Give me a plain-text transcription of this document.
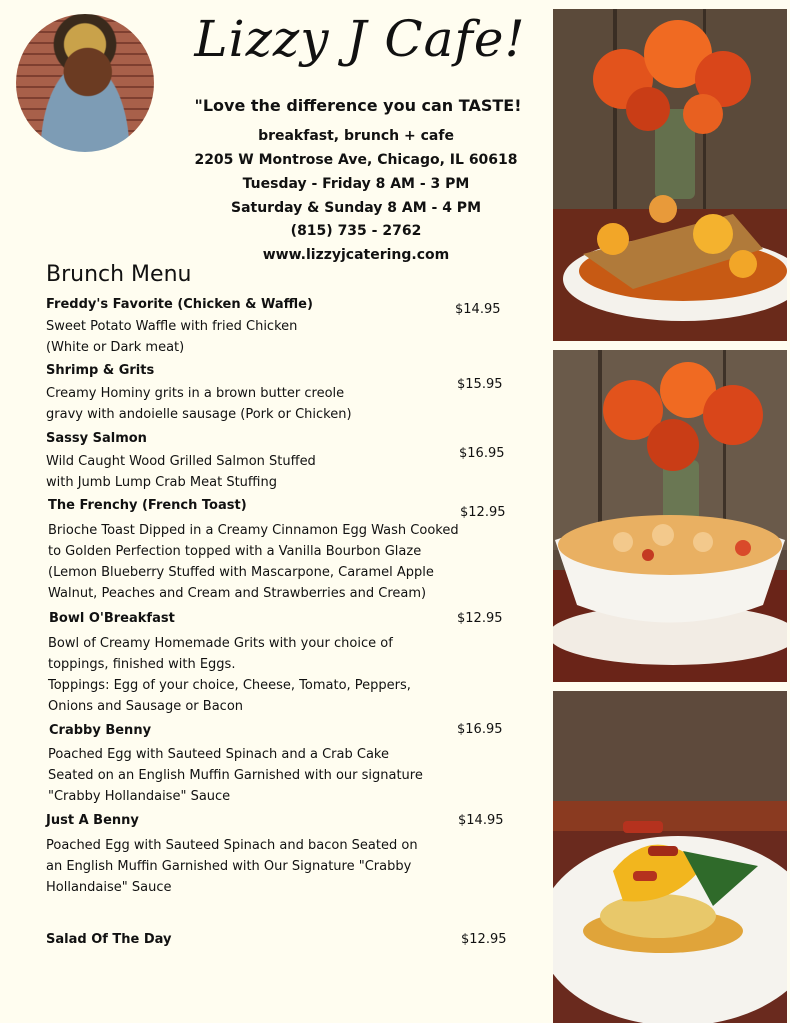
Lizzy J Cafe!

"Love the difference you can TASTE!

breakfast, brunch + cafe

2205 W Montrose Ave, Chicago, IL 60618

Tuesday - Friday 8 AM - 3 PM

Saturday & Sunday 8 AM - 4 PM

(815) 735 - 2762

www.lizzyjcatering.com

Brunch Menu

Freddy's Favorite (Chicken & Waffle)

Sweet Potato Waffle with fried Chicken
(White or Dark meat)

$14.95

Shrimp & Grits

Creamy Hominy grits in a brown butter creole
gravy with andoielle sausage (Pork or Chicken)

$15.95

Sassy Salmon

Wild Caught Wood Grilled Salmon Stuffed
with Jumb Lump Crab Meat Stuffing

$16.95

The Frenchy (French Toast)

Brioche Toast Dipped in a Creamy Cinnamon Egg Wash Cooked
to Golden Perfection topped with a Vanilla Bourbon Glaze
(Lemon Blueberry Stuffed with Mascarpone, Caramel Apple
Walnut, Peaches and Cream and Strawberries and Cream)

$12.95

Bowl O'Breakfast

Bowl of Creamy Homemade Grits with your choice of
toppings, finished with Eggs.
Toppings: Egg of your choice, Cheese, Tomato, Peppers,
Onions and Sausage or Bacon

$12.95

Crabby Benny

Poached Egg with Sauteed Spinach and a Crab Cake
Seated on an English Muffin Garnished with our signature
"Crabby Hollandaise" Sauce

$16.95

Just A Benny

Poached Egg with Sauteed Spinach and bacon Seated on
an English Muffin Garnished with Our Signature "Crabby
Hollandaise" Sauce

$14.95

Salad Of The Day	$12.95
